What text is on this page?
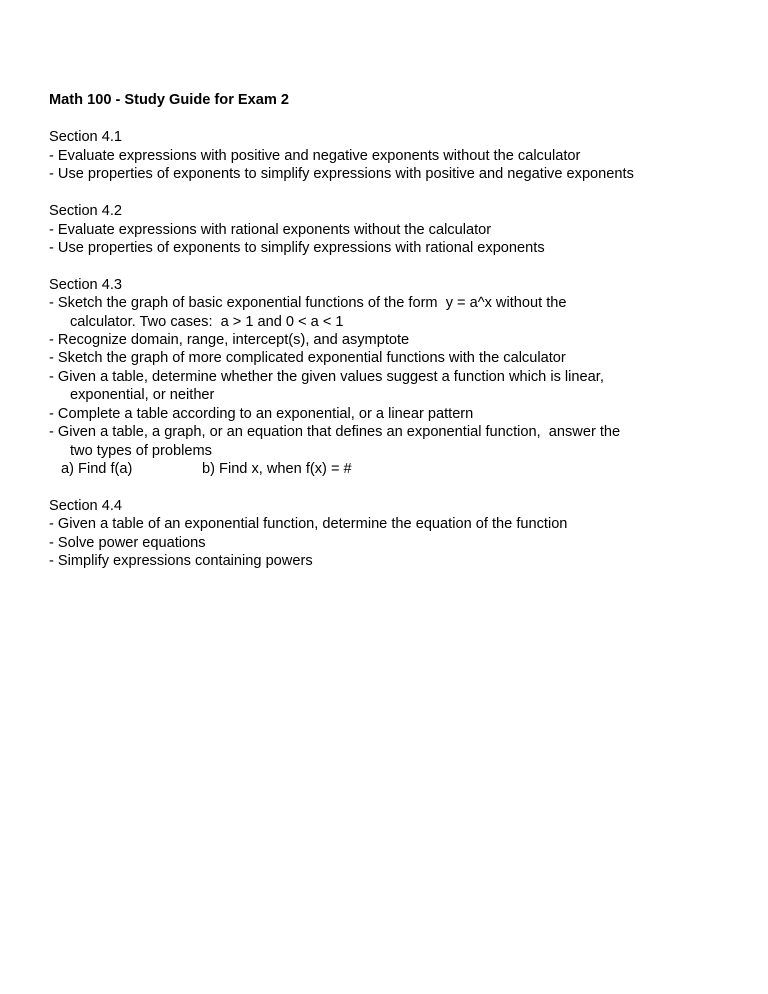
Math 100 - Study Guide for Exam 2
Section 4.1
- Evaluate expressions with positive and negative exponents without the calculator
- Use properties of exponents to simplify expressions with positive and negative exponents
Section 4.2
- Evaluate expressions with rational exponents without the calculator
- Use properties of exponents to simplify expressions with rational exponents
Section 4.3
- Sketch the graph of basic exponential functions of the form  y = a^x without the
calculator. Two cases:  a > 1 and 0 < a < 1
- Recognize domain, range, intercept(s), and asymptote
- Sketch the graph of more complicated exponential functions with the calculator
- Given a table, determine whether the given values suggest a function which is linear,
exponential, or neither
- Complete a table according to an exponential, or a linear pattern
- Given a table, a graph, or an equation that defines an exponential function,  answer the
two types of problems
a) Find f(a)	b) Find x, when f(x) = #
Section 4.4
- Given a table of an exponential function, determine the equation of the function
- Solve power equations
- Simplify expressions containing powers
